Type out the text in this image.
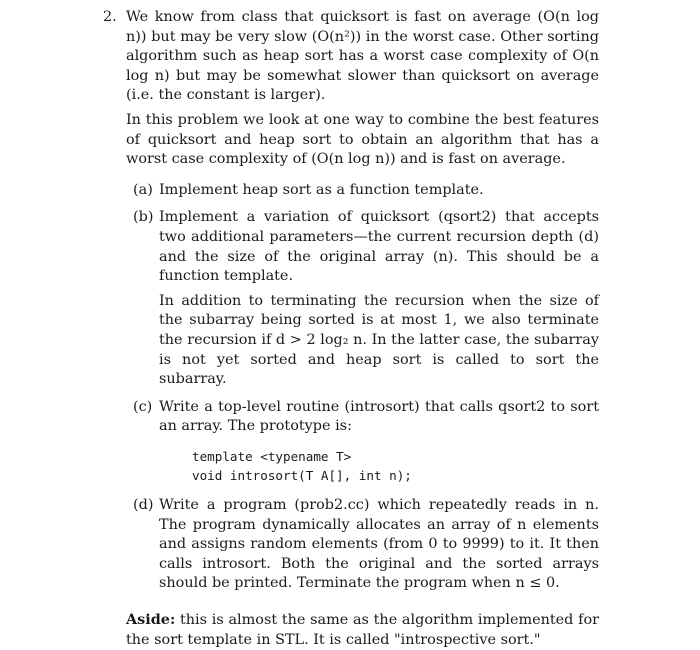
2. We know from class that quicksort is fast on average (O(n log n)) but may be very slow (O(n²)) in the worst case. Other sorting algorithm such as heap sort has a worst case complexity of O(n log n) but may be somewhat slower than quicksort on average (i.e. the constant is larger).

In this problem we look at one way to combine the best features of quicksort and heap sort to obtain an algorithm that has a worst case complexity of (O(n log n)) and is fast on average.

(a) Implement heap sort as a function template.

(b) Implement a variation of quicksort (qsort2) that accepts two additional parameters—the current recursion depth (d) and the size of the original array (n). This should be a function template.

In addition to terminating the recursion when the size of the subarray being sorted is at most 1, we also terminate the recursion if d > 2 log₂ n. In the latter case, the subarray is not yet sorted and heap sort is called to sort the subarray.

(c) Write a top-level routine (introsort) that calls qsort2 to sort an array. The prototype is:

template <typename T>
void introsort(T A[], int n);
(d) Write a program (prob2.cc) which repeatedly reads in n. The program dynamically allocates an array of n elements and assigns random elements (from 0 to 9999) to it. It then calls introsort. Both the original and the sorted arrays should be printed. Terminate the program when n ≤ 0.

Aside: this is almost the same as the algorithm implemented for the sort template in STL. It is called "introspective sort."
